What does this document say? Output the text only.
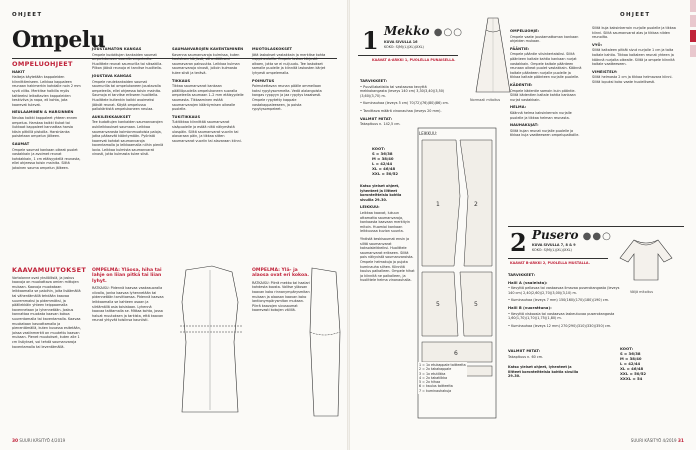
OHJEET
Ompelu
OMPELUOHJEET
NAKIT

Halkeja käytetään kappaleiden kiinnittämiseen. Leikkaa kappaleen reunaan hakimerkin kohdalle noin 2 mm syvä viilto. Merkitse halkilla myös taitteeksi leikattavien kappaleiden keskiviiva ja napa, eli kohta, jota kaarevat tulevat.

NEULAAMINEN & HARSINNEN

Neulaa kaikki kappaleet yhteen ennen ompelua. Harskaa kaikki tiukat tai liukkaat kappaleet kannattaa harsia käsin pitkillä pistoilla. Harsinlanka poistetaan ompelun jälkeen.

SAUMAT

Ompele saumat kankaan oikeat puolet vastakkain ja avoimet reunat kohdakkain, 1 cm etäisyydellä reunasta, ellei ohjeessa toisin mainita. Silitä jokainen sauma ompelun jälkeen.

KAAVAMUUTOKSET

Vartalonne ovat yksilöllisiä, ja joskus kaavoja on muokattava omien mittojen mukaan. Kaavoja muokataan leikkaamalla se paloihin, joita lisäämällä tai vähentämällä tehdään kaavaa suuremmaksi ja pidemmäksi, ja päällekkäin yhteen teippaamalla kavennetaan ja lyhennetään. Joskus kannattaa muokata kaavan kokoa suurentamalla tai kaventamalla. Kaavaa muokataan kasvattamalla ja pienentämällä, kuten kuvassa esitetään, joissa vastinmerkit on muutettu kaavan mukaan. Pienet muutokset, kuten alle 1 cm lisäykset, voi tehdä saumanvaroja kaventamalla tai leventämällä.

JOUSTAMATON KANGAS

Ompele kudottujen kankaiden saumat ompelukoneen suoralla ompeleella. Huolittele reunat saumurilla tai siksakilla. Pilkon jäävä reunoja ei tarvitse huolitella.

JOUSTAVA KANGAS

Ompele neulekankaiden saumat saumurilla tai ompelukoneen joustavalla ompeleella, ellei ohjeessa toisin mainita. Saumoja ei tarvitse erikseen huolitella. Huolittele kuitenkin kaikki avoimeksi jäävät reunat. Käytä ompelussa pallokärkistä ompelukoneen neulaa.

AUKILEIKKAUKSET

Tee kudottujen kankaiden saumanvarojen aukileikkaukset saumaan. Leikkaa saumanvarasta kolmionmuotoisia paloja, jotka pääsevät kääntymään. Pyöristä kaarevat kohdat saumanvaroja kaventamalla ja leikkaamalla niihin pieniä lovia. Leikkaa kulmista saumanvarat vinosti, jotta kulmasta tulee siisti.

SAUMANVAROJEN KAVENTAMINEN

Kavenna saumanvaroja kulmissa, kuten kauluksen kärjissä, vähentääksesi saumavaran paksuutta. Leikkaa kulman saumanvaroja vinosti, jolloin kulmasta tulee siisti ja terävä.

TIKKAUS

Tikkaa saumanvarat kankaan päälliöpuolella ompelukoneen suoralla ompeleella saumaan 1–2 mm etäisyydelle saumasta. Tikkaaminen estää saumanvarojen kääntymisen oikealle puolelle.

TUKITIKKAUS

Tukitikkaa kiinnittää saumanvarat sisäpuolelle ja estää niitä näkymästä ulospäin. Silitä saumanvarat vuoriin tai alavaraan päin, ja tikkaa sitten saumanvarat vuoriin tai alavaraan kiinni.

MUOTOLASKOKSET

Jätä laskokset vastakkain ja merkitse kohta nuppineuloilla. Ompele laskos kärjestä alkaen, jotta se ei nuljuudu. Tee laskokset samalle puolelle ja kiinnitä laskosten kärjet lyhyesti ompelemalla.

POIMUTUS

Poimutettavan reunan päälle ommellaan kaksi rypytysommelta. Vedä alalangoista kangas ryppyyn ja jaa rypytys tasaisesti. Ompele rypytetty kappale vastakappaleeseen, ja poista rypytysompeleet.

OMPELMA: Yläosa, hiha tai lahje on liian pitkä tai liian lyhyt.

RATKAISU: Pidennä kaavaa vaakasuoralla viivalla, jonka kaavaa lyhennetään tai pidennetään tarvittaessa. Pidennä kaavaa leikkaamalla se kahteen osaan ja siirtämällä osia toisistaan. Lyhennä kaavaa taittamalla se. Mittaa kohta, jossa haluat muutoksen ja tarkista, että kaavan reunat yhtyvät toisiinsa kauniisti.

OMPELMA: Ylä- ja alaosa ovat eri kokoa.

RATKAISU: Piirrä mekko tai haalari kahdesta koosta. Valitse yläosan kaavan koko rinnanympärysmitan mukaan ja alaosan kaavan koko lantionympärysmitan mukaan. Piirrä kaavojen sivusaumat kaarevasti kokojen välillä.

30 SUURI KÄSITYÖ 4/2019
OHJEET
1 Mekko ●○○
KUVA SIVULLA 16
KOKO: S(M)(L)(XL)(XXL)
KAAVAT A-ARKKI 1, PUOLELLA PUNAISELLA.
Normaali mitoitus
TARVIKKEET:

• Puuvillabatistia tai vastaavaa kevyttä mekkokangasta (leveys 140 cm) 3,30(3,40)(3,50)(3,60)(3,70) m.

• Kuminauhaa (leveys 5 cm) 70(72)(76)(80)(86) cm.

• Tarvittava määrä vinonauhaa (leveys 20 mm).

VALMIIT MITAT:

Takapituus n. 142,5 cm.

KOOT:
S = 36/38
M = 38/40
L = 42/44
XL = 46/48
XXL = 50/52

Katso yleiset ohjeet, lyhenteet ja liitteet koronteitteisia kohtia sivuilla 29–30.

LEIKKUU:

Leikkaa kaavat, lukuun ottamatta saumanvaroja, kankaasta kaavaan merkityin mitoin. Huomioi kankaan leikkuussa kuvion suunta.

Yhdistä keskisaumat ensin ja silitä saumanvarat kaksoisleikkeiksi. Huolittele saumanvarat erikseen. Silitä pois näkyvistä saumanvaroista. Ompele helmakuja ja pujota kuminauha siihen. Kiinnitä kaulus paikalleen. Ompele hihat ja kiinnitä ne paikalleen, ja huolittele helma vinonauhalla.

LEIKKUU:
1	2
5	5
6
1 = 1x etukappale taitteelta
2 = 2x takakappale
3 = 1x etutilkka
4 = 2x takatilkka
5 = 2x hihaa
6 = kaulus taitteelta
7 = kuminauhakuja
OMPELUOHJE:

Ompele vaate joustamattoman kankaan ohjeiden mukaan.

PÄÄNTIE:

Ompele pääntie viisinkertaisiksi. Silitä päänteen kaitale kahtia kankaan nurjat vastakkain. Ompele kaitale päänteen reunaan oikeat puolet vastakkain. Käännä kaitale päänteen nurjalle puolelle ja tikkaa kaitale päänteen nurjalle puolelle.

KÄDENTIE:

Ompele kädentie samoin kuin pääntie. Silitä kädentien kaitale kahtia kankaan nurjat vastakkain.

HELMA:

Käännä helma kaksinkerroin nurjalle puolelle ja tikkaa helman reunasta.

NAUHAKUJAT:

Silitä kujan reunat nurjalle puolelle ja tikkaa kuja vaatteeseen ompelupaikoille.

Silitä kuja kaksinkerroin nurjalle puolelle ja tikkaa kiinni. Silitä saumanvarat alas ja tikkaa niiden reunoilta.

VYÖ:

Silitä kaitaleen pitkät sivut nurjalle 1 cm ja taita kaitale kahtia. Tikkaa kaitaleen reunat yhteen ja käännä nurjalta oikealle. Silitä ja ompele kiinnitä kaitale vaatteeseen.

VIMEISTELY:

Silitä helmasta 2 cm ja tikkaa helmavara kiinni. Silitä lopuksi koko vaate huolellisesti.

2 Pusero ●●○
KUVA SIVULLA 7, 8 & 9
KOKO: S(M)(L)(XL)(XXL)
KAAVAT B-ARKKI 2, PUOLELLA MUSTALLA.
Väljä mitoitus
TARVIKKEET:
Halli A (vaaleista):

• Kevyttä pellavaa tai vastaavaa ilmavaa puserokangasta (leveys 140 cm) 2,40(2,60)(2,70)(3,00)(3,10) m.

• Kuminauhaa (leveys 7 mm) 150(160)(170)(180)(190) cm.

Halli B (vuorattuna):

• Kevyttä viskoosia tai vastaavaa laskeutuvaa puserokangasta 1,60(1,70)(1,70)(1,75)(1,80) m.

• Kuminauhaa (leveys 12 mm) 270(290)(310)(330)(350) cm.

VALMIIT MITAT:

Takapituus n. 60 cm.

Katso yleiset ohjeet, lyhenteet ja liitteet koronteitteisia kohtia sivuilla 29–30.

KOOT:
S = 36/38
M = 38/40
L = 42/44
XL = 46/48
XXL = 50/52
XXXL = 54
SUURI KÄSITYÖ 4/2019 31
